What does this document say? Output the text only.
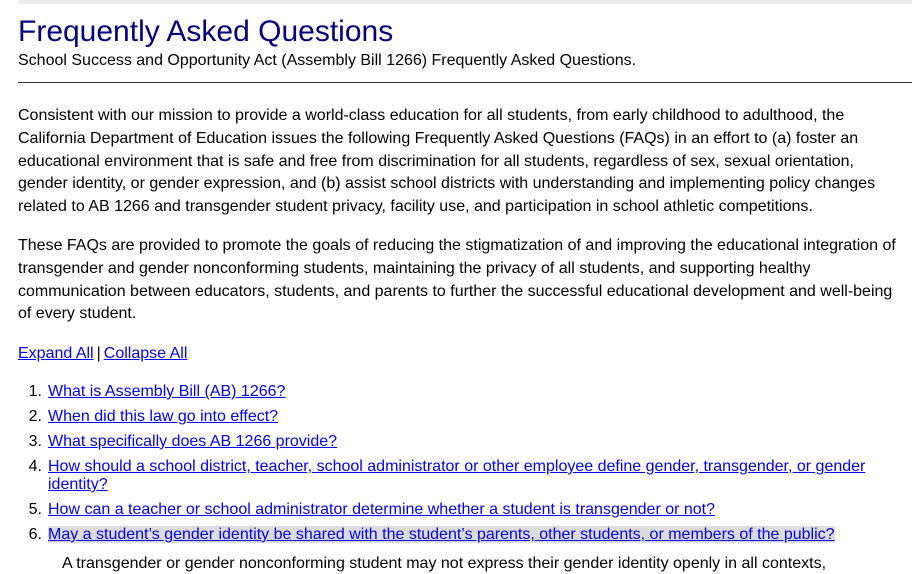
Frequently Asked Questions
School Success and Opportunity Act (Assembly Bill 1266) Frequently Asked Questions.

Consistent with our mission to provide a world-class education for all students, from early childhood to adulthood, the California Department of Education issues the following Frequently Asked Questions (FAQs) in an effort to (a) foster an educational environment that is safe and free from discrimination for all students, regardless of sex, sexual orientation, gender identity, or gender expression, and (b) assist school districts with understanding and implementing policy changes related to AB 1266 and transgender student privacy, facility use, and participation in school athletic competitions.

These FAQs are provided to promote the goals of reducing the stigmatization of and improving the educational integration of transgender and gender nonconforming students, maintaining the privacy of all students, and supporting healthy communication between educators, students, and parents to further the successful educational development and well-being of every student.

Expand All | Collapse All
1. What is Assembly Bill (AB) 1266?
2. When did this law go into effect?
3. What specifically does AB 1266 provide?
4. How should a school district, teacher, school administrator or other employee define gender, transgender, or gender identity?
5. How can a teacher or school administrator determine whether a student is transgender or not?
6. May a student’s gender identity be shared with the student’s parents, other students, or members of the public?
A transgender or gender nonconforming student may not express their gender identity openly in all contexts,
